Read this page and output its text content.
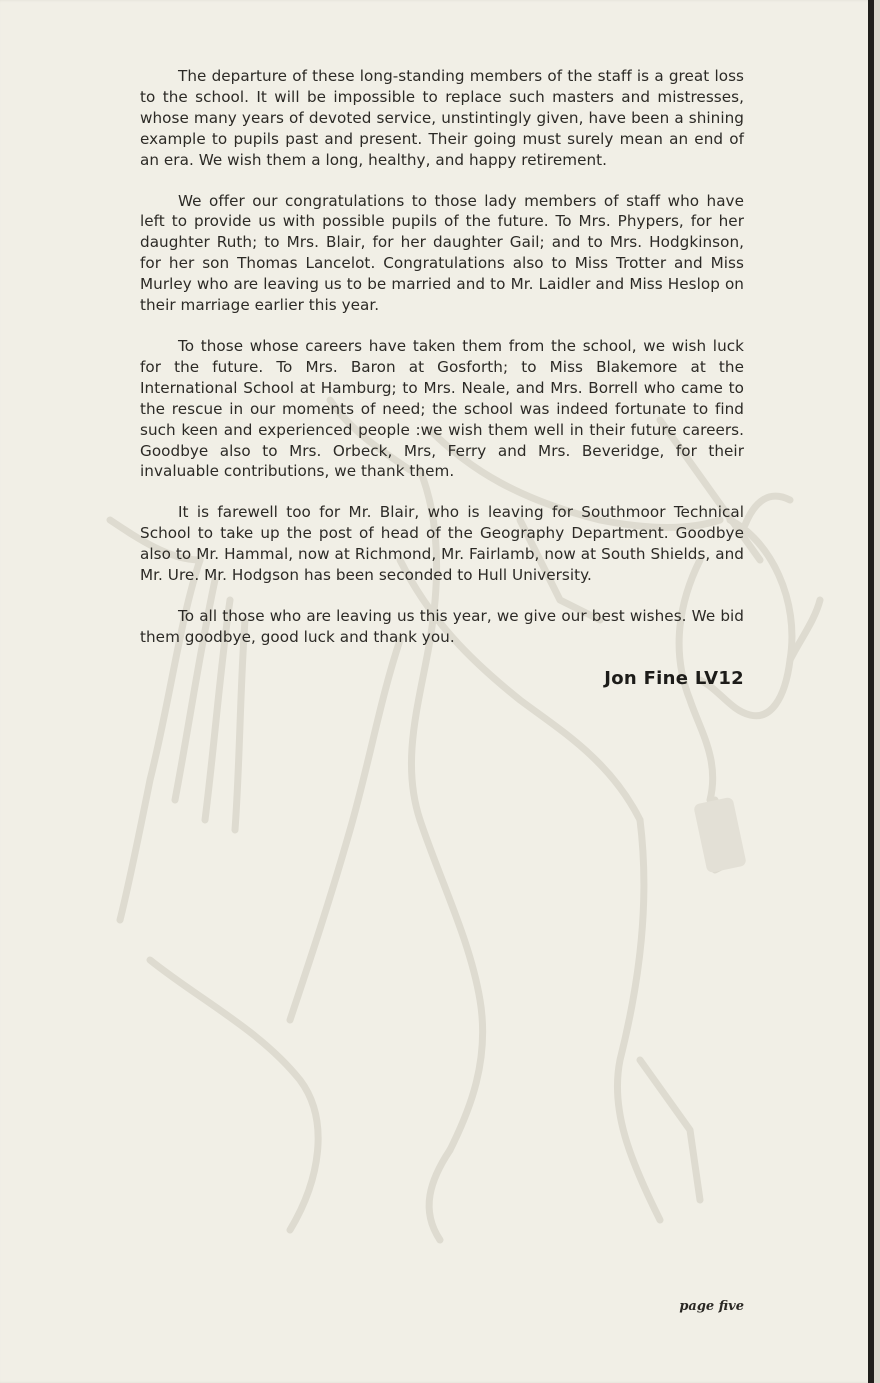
The departure of these long-standing members of the staff is a great loss to the school. It will be impossible to replace such masters and mistresses, whose many years of devoted service, unstintingly given, have been a shining example to pupils past and present. Their going must surely mean an end of an era. We wish them a long, healthy, and happy retirement.

We offer our congratulations to those lady members of staff who have left to provide us with possible pupils of the future. To Mrs. Phypers, for her daughter Ruth; to Mrs. Blair, for her daughter Gail; and to Mrs. Hodgkinson, for her son Thomas Lancelot. Congratulations also to Miss Trotter and Miss Murley who are leaving us to be married and to Mr. Laidler and Miss Heslop on their marriage earlier this year.

To those whose careers have taken them from the school, we wish luck for the future. To Mrs. Baron at Gosforth; to Miss Blakemore at the International School at Hamburg; to Mrs. Neale, and Mrs. Borrell who came to the rescue in our moments of need; the school was indeed fortunate to find such keen and experienced people :we wish them well in their future careers. Goodbye also to Mrs. Orbeck, Mrs, Ferry and Mrs. Beveridge, for their invaluable contributions, we thank them.

It is farewell too for Mr. Blair, who is leaving for Southmoor Technical School to take up the post of head of the Geography Department. Goodbye also to Mr. Hammal, now at Richmond, Mr. Fairlamb, now at South Shields, and Mr. Ure. Mr. Hodgson has been seconded to Hull University.

To all those who are leaving us this year, we give our best wishes. We bid them goodbye, good luck and thank you.

Jon Fine LV12
page five
